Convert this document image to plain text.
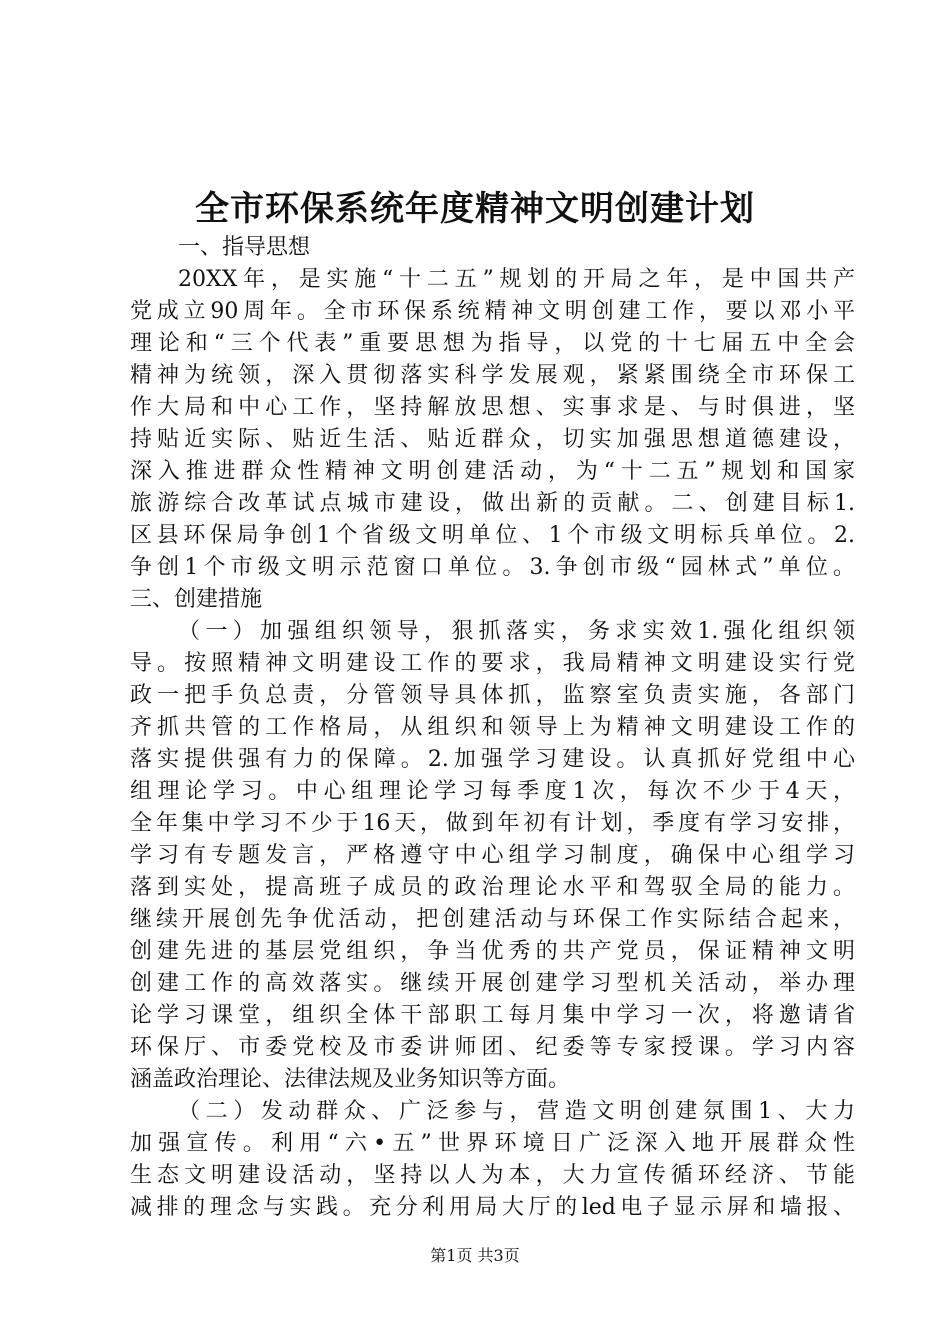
全市环保系统年度精神文明创建计划
一、指导思想
20XX年，是实施“十二五”规划的开局之年，是中国共产
党成立90周年。全市环保系统精神文明创建工作，要以邓小平
理论和“三个代表”重要思想为指导，以党的十七届五中全会
精神为统领，深入贯彻落实科学发展观，紧紧围绕全市环保工
作大局和中心工作，坚持解放思想、实事求是、与时俱进，坚
持贴近实际、贴近生活、贴近群众，切实加强思想道德建设，
深入推进群众性精神文明创建活动，为“十二五”规划和国家
旅游综合改革试点城市建设，做出新的贡献。二、创建目标1.
区县环保局争创1个省级文明单位、1个市级文明标兵单位。2.
争创1个市级文明示范窗口单位。3.争创市级“园林式”单位。
三、创建措施
（一）加强组织领导，狠抓落实，务求实效1.强化组织领
导。按照精神文明建设工作的要求，我局精神文明建设实行党
政一把手负总责，分管领导具体抓，监察室负责实施，各部门
齐抓共管的工作格局，从组织和领导上为精神文明建设工作的
落实提供强有力的保障。2.加强学习建设。认真抓好党组中心
组理论学习。中心组理论学习每季度1次，每次不少于4天，
全年集中学习不少于16天，做到年初有计划，季度有学习安排，
学习有专题发言，严格遵守中心组学习制度，确保中心组学习
落到实处，提高班子成员的政治理论水平和驾驭全局的能力。
继续开展创先争优活动，把创建活动与环保工作实际结合起来，
创建先进的基层党组织，争当优秀的共产党员，保证精神文明
创建工作的高效落实。继续开展创建学习型机关活动，举办理
论学习课堂，组织全体干部职工每月集中学习一次，将邀请省
环保厅、市委党校及市委讲师团、纪委等专家授课。学习内容
涵盖政治理论、法律法规及业务知识等方面。
（二）发动群众、广泛参与，营造文明创建氛围1、大力
加强宣传。利用“六•五”世界环境日广泛深入地开展群众性
生态文明建设活动，坚持以人为本，大力宣传循环经济、节能
减排的理念与实践。充分利用局大厅的led电子显示屏和墙报、
第1页 共3页
